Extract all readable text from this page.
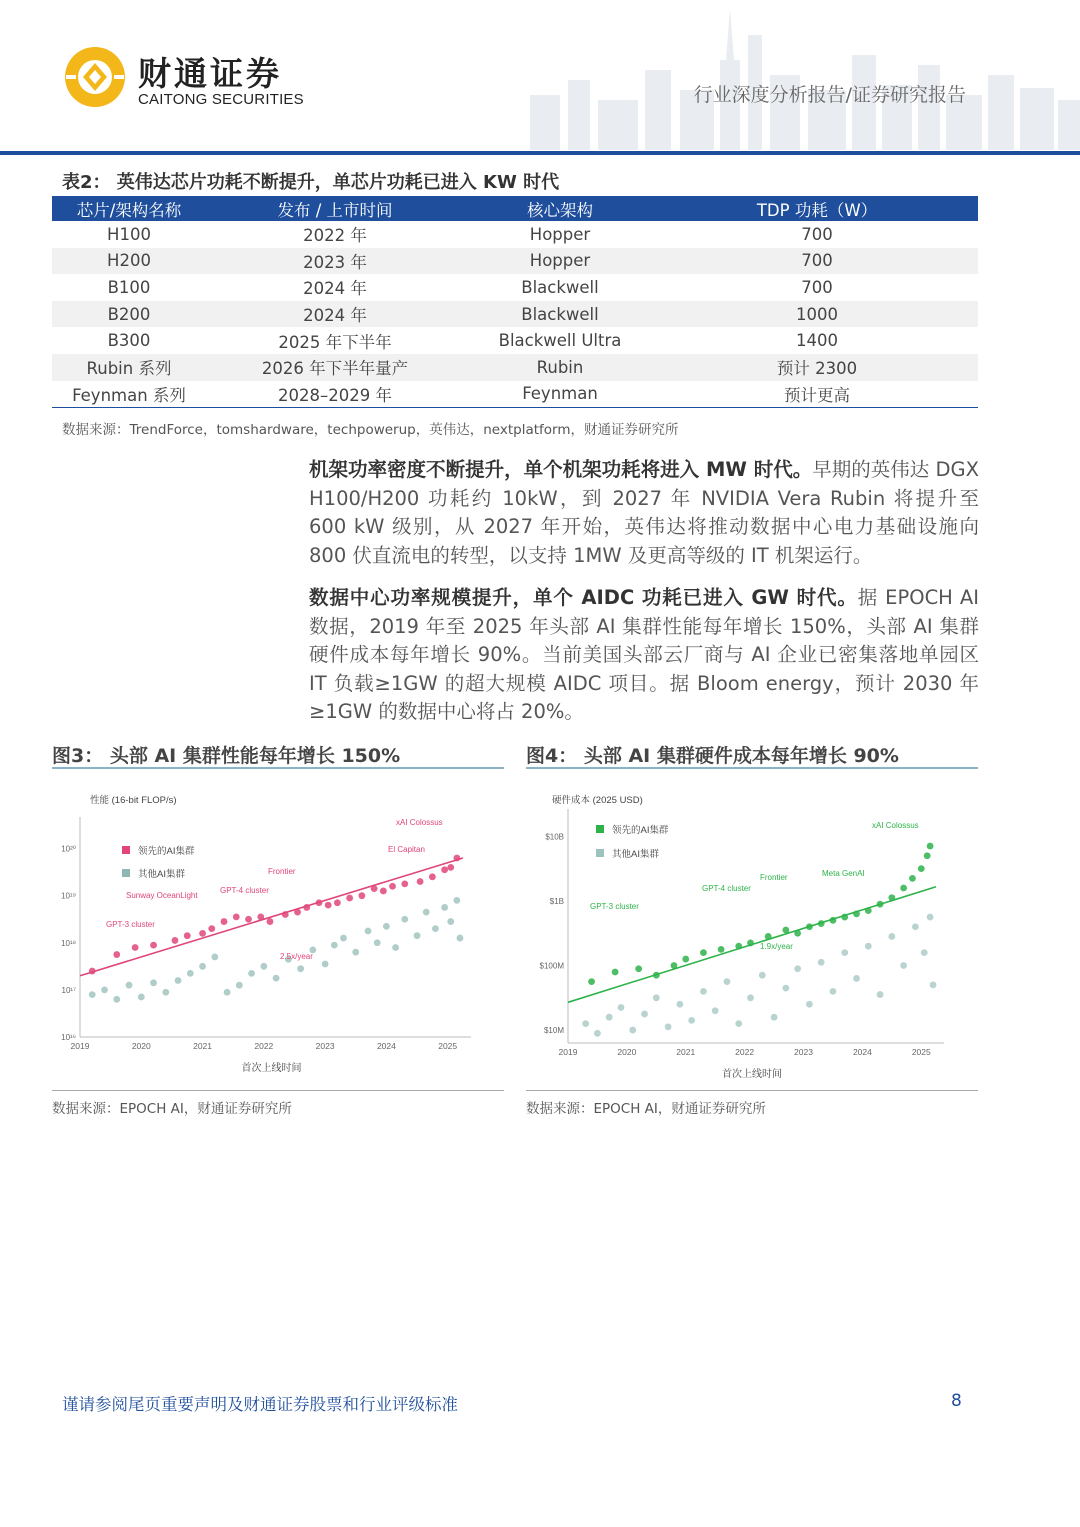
财通证券
CAITONG SECURITIES	行业深度分析报告/证券研究报告
表2： 英伟达芯片功耗不断提升，单芯片功耗已进入 KW 时代
芯片/架构名称	发布 / 上市时间	核心架构	TDP 功耗（W）
H100	2022 年	Hopper	700
H200	2023 年	Hopper	700
B100	2024 年	Blackwell	700
B200	2024 年	Blackwell	1000
B300	2025 年下半年	Blackwell Ultra	1400
Rubin 系列	2026 年下半年量产	Rubin	预计 2300
Feynman 系列	2028–2029 年	Feynman	预计更高
数据来源：TrendForce，tomshardware，techpowerup，英伟达，nextplatform，财通证券研究所

机架功率密度不断提升，单个机架功耗将进入 MW 时代。早期的英伟达 DGX H100/H200 功耗约 10kW，到 2027 年 NVIDIA Vera Rubin 将提升至 600 kW 级别，从 2027 年开始，英伟达将推动数据中心电力基础设施向 800 伏直流电的转型，以支持 1MW 及更高等级的 IT 机架运行。

数据中心功率规模提升，单个 AIDC 功耗已进入 GW 时代。据 EPOCH AI 数据，2019 年至 2025 年头部 AI 集群性能每年增长 150%，头部 AI 集群硬件成本每年增长 90%。当前美国头部云厂商与 AI 企业已密集落地单园区 IT 负载≥1GW 的超大规模 AIDC 项目。据 Bloom energy，预计 2030 年≥1GW 的数据中心将占 20%。

图3： 头部 AI 集群性能每年增长 150%
性能 (16-bit FLOP/s)
10²⁰
10¹⁹
10¹⁸
10¹⁷
10¹⁶
2019	2020	2021	2022	2023	2024	2025
首次上线时间
领先的AI集群
其他AI集群
xAI Colossus
El Capitan
Frontier
Sunway OceanLight
GPT-4 cluster
GPT-3 cluster
2.5x/year
数据来源：EPOCH AI，财通证券研究所
图4： 头部 AI 集群硬件成本每年增长 90%
硬件成本 (2025 USD)
$10B
$1B
$100M
$10M
2019	2020	2021	2022	2023	2024	2025
首次上线时间
领先的AI集群
其他AI集群
xAI Colossus
Meta GenAI
Frontier
GPT-4 cluster
GPT-3 cluster
1.9x/year
数据来源：EPOCH AI，财通证券研究所
谨请参阅尾页重要声明及财通证券股票和行业评级标准	8
